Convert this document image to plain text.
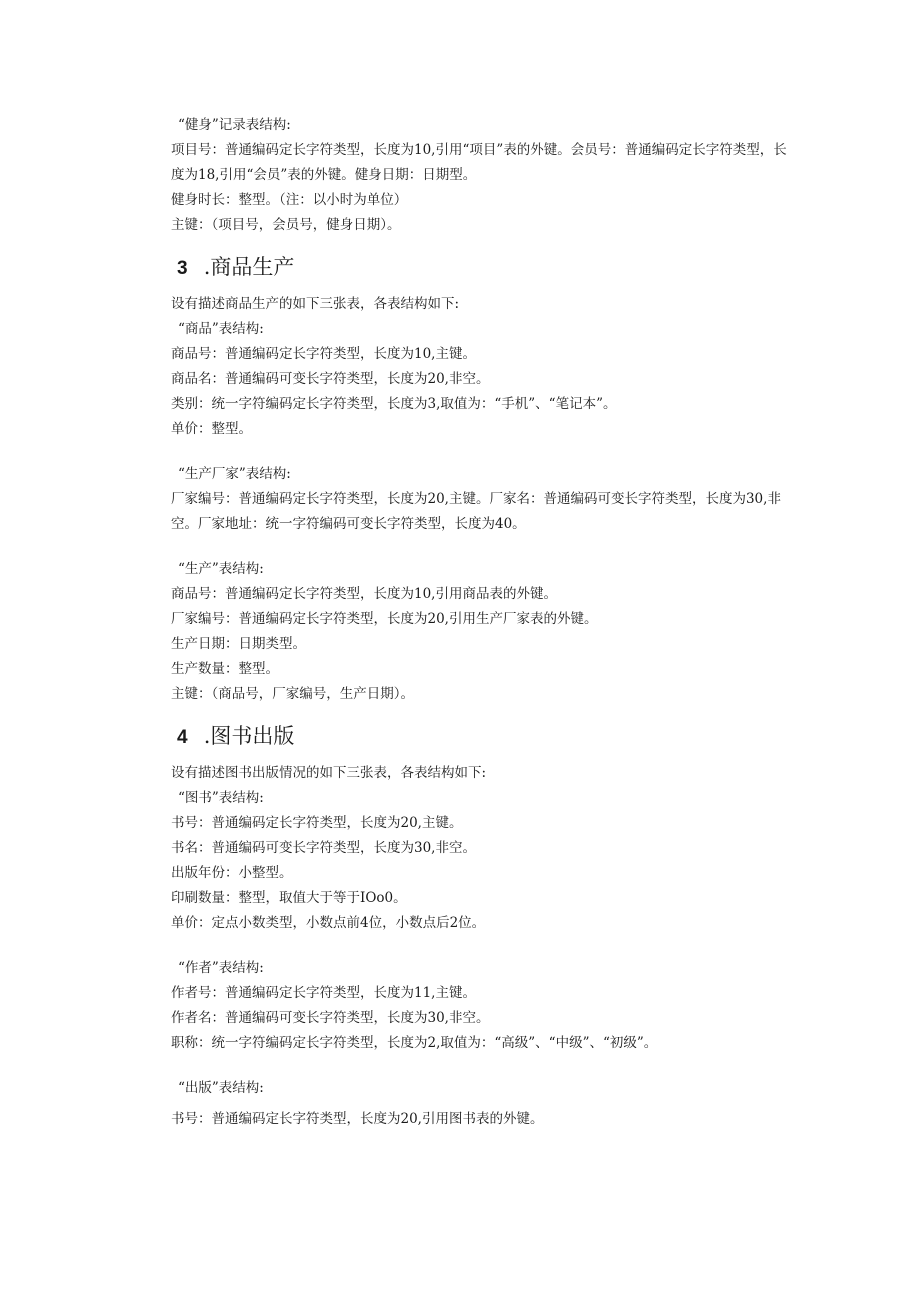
“健身”记录表结构:

项目号：普通编码定长字符类型，长度为10,引用“项目”表的外键。会员号：普通编码定长字符类型，长度为18,引用“会员”表的外键。健身日期：日期型。

健身时长：整型。（注：以小时为单位）

主键：（项目号，会员号，健身日期）。

3 .商品生产

设有描述商品生产的如下三张表，各表结构如下:

“商品”表结构:

商品号：普通编码定长字符类型，长度为10,主键。

商品名：普通编码可变长字符类型，长度为20,非空。

类别：统一字符编码定长字符类型，长度为3,取值为：“手机”、“笔记本”。

单价：整型。

“生产厂家”表结构:

厂家编号：普通编码定长字符类型，长度为20,主键。厂家名：普通编码可变长字符类型，长度为30,非空。厂家地址：统一字符编码可变长字符类型，长度为40。

“生产”表结构:

商品号：普通编码定长字符类型，长度为10,引用商品表的外键。

厂家编号：普通编码定长字符类型，长度为20,引用生产厂家表的外键。

生产日期：日期类型。

生产数量：整型。

主键：（商品号，厂家编号，生产日期）。

4 .图书出版

设有描述图书出版情况的如下三张表，各表结构如下:

“图书”表结构:

书号：普通编码定长字符类型，长度为20,主键。

书名：普通编码可变长字符类型，长度为30,非空。

出版年份：小整型。

印刷数量：整型，取值大于等于IOo0。

单价：定点小数类型，小数点前4位，小数点后2位。

“作者”表结构:

作者号：普通编码定长字符类型，长度为11,主键。

作者名：普通编码可变长字符类型，长度为30,非空。

职称：统一字符编码定长字符类型，长度为2,取值为：“高级”、“中级”、“初级”。

“出版”表结构:

书号：普通编码定长字符类型，长度为20,引用图书表的外键。
